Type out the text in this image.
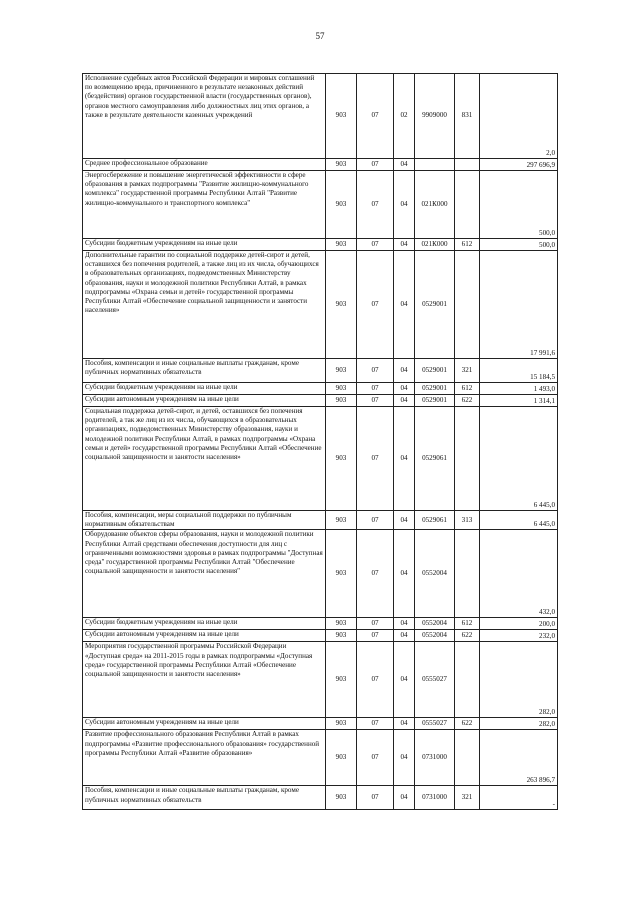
57
Исполнение судебных актов Российской Федерации и мировых соглашений по возмещению вреда, причиненного в результате незаконных действий (бездействия) органов государственной власти (государственных органов), органов местного самоуправления либо должностных лиц этих органов, а также в результате деятельности казенных учреждений	903	07	02	9909000	831	2,0
Среднее профессиональное образование	903	07	04			297 696,9
Энергосбережение и повышение энергетической эффективности в сфере образования в рамках подпрограммы "Развитие жилищно-коммунального комплекса" государственной программы Республики Алтай "Развитие жилищно-коммунального и транспортного комплекса"	903	07	04	021К000		500,0
Субсидии бюджетным учреждениям на иные цели	903	07	04	021К000	612	500,0
Дополнительные гарантии по социальной поддержке детей-сирот и детей, оставшихся без попечения родителей, а также лиц из их числа, обучающихся в образовательных организациях, подведомственных Министерству образования, науки и молодежной политики Республики Алтай, в рамках подпрограммы «Охрана семьи и детей» государственной программы Республики Алтай «Обеспечение социальной защищенности и занятости населения»	903	07	04	0529001		17 991,6
Пособия, компенсации и иные социальные выплаты гражданам, кроме публичных нормативных обязательств	903	07	04	0529001	321	15 184,5
Субсидии бюджетным учреждениям на иные цели	903	07	04	0529001	612	1 493,0
Субсидии автономным учреждениям на иные цели	903	07	04	0529001	622	1 314,1
Социальная поддержка детей-сирот, и детей, оставшихся без попечения родителей, а так же лиц из их числа, обучающихся в образовательных организациях, подведомственных Министерству образования, науки и молодежной политики Республики Алтай, в рамках подпрограммы «Охрана семьи и детей» государственной программы Республики Алтай «Обеспечение социальной защищенности и занятости населения»	903	07	04	0529061		6 445,0
Пособия, компенсации, меры социальной поддержки по публичным нормативным обязательствам	903	07	04	0529061	313	6 445,0
Оборудование объектов сферы образования, науки и молодежной политики Республики Алтай средствами обеспечения доступности для лиц с ограниченными возможностями здоровья в рамках подпрограммы "Доступная среда" государственной программы Республики Алтай "Обеспечение социальной защищенности и занятости населения"	903	07	04	0552004		432,0
Субсидии бюджетным учреждениям на иные цели	903	07	04	0552004	612	200,0
Субсидии автономным учреждениям на иные цели	903	07	04	0552004	622	232,0
Мероприятия государственной программы Российской Федерации «Доступная среда» на 2011-2015 годы в рамках подпрограммы «Доступная среда» государственной программы Республики Алтай «Обеспечение социальной защищенности и занятости населения»	903	07	04	0555027		282,0
Субсидии автономным учреждениям на иные цели	903	07	04	0555027	622	282,0
Развитие профессионального образования Республики Алтай в рамках подпрограммы «Развитие профессионального образования» государственной программы Республики Алтай «Развитие образования»	903	07	04	0731000		263 896,7
Пособия, компенсации и иные социальные выплаты гражданам, кроме публичных нормативных обязательств	903	07	04	0731000	321	-
